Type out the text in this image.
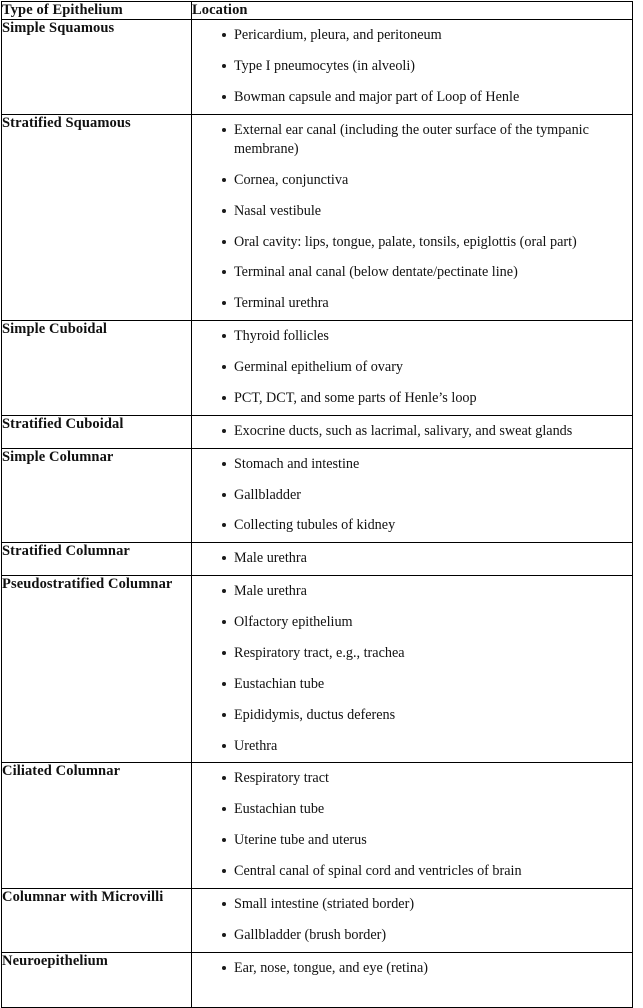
Type of Epithelium	Location
Simple Squamous	Pericardium, pleura, and peritoneum
Type I pneumocytes (in alveoli)
Bowman capsule and major part of Loop of Henle

Stratified Squamous	External ear canal (including the outer surface of the tympanic membrane)
Cornea, conjunctiva
Nasal vestibule
Oral cavity: lips, tongue, palate, tonsils, epiglottis (oral part)
Terminal anal canal (below dentate/pectinate line)
Terminal urethra

Simple Cuboidal	Thyroid follicles
Germinal epithelium of ovary
PCT, DCT, and some parts of Henle’s loop

Stratified Cuboidal	Exocrine ducts, such as lacrimal, salivary, and sweat glands

Simple Columnar	Stomach and intestine
Gallbladder
Collecting tubules of kidney

Stratified Columnar	Male urethra

Pseudostratified Columnar	Male urethra
Olfactory epithelium
Respiratory tract, e.g., trachea
Eustachian tube
Epididymis, ductus deferens
Urethra

Ciliated Columnar	Respiratory tract
Eustachian tube
Uterine tube and uterus
Central canal of spinal cord and ventricles of brain

Columnar with Microvilli	Small intestine (striated border)
Gallbladder (brush border)

Neuroepithelium	Ear, nose, tongue, and eye (retina)
